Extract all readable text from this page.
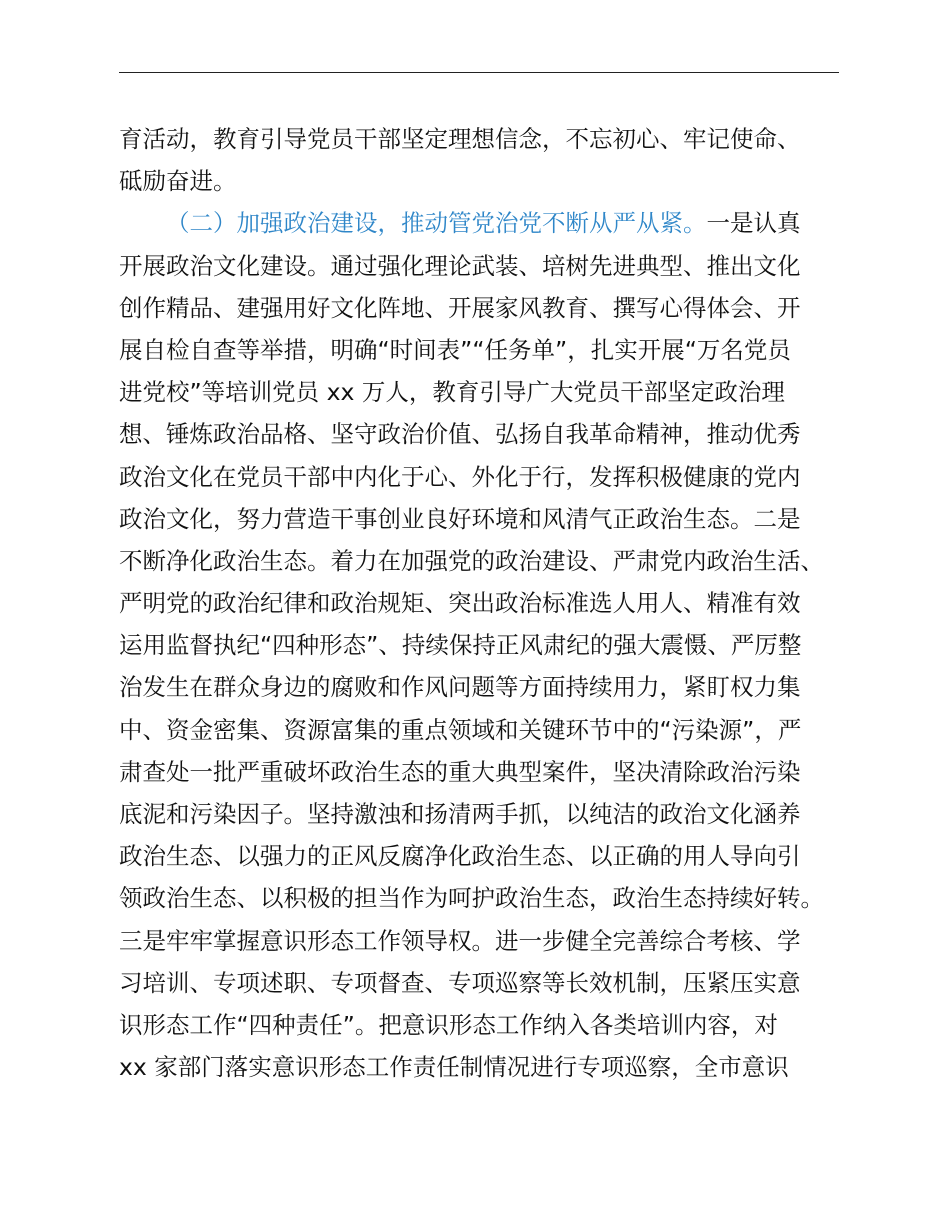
育活动，教育引导党员干部坚定理想信念，不忘初心、牢记使命、
砥励奋进。
（二）加强政治建设，推动管党治党不断从严从紧。一是认真
开展政治文化建设。通过强化理论武装、培树先进典型、推出文化
创作精品、建强用好文化阵地、开展家风教育、撰写心得体会、开
展自检自查等举措，明确“时间表”“任务单”，扎实开展“万名党员
进党校”等培训党员 xx 万人，教育引导广大党员干部坚定政治理
想、锤炼政治品格、坚守政治价值、弘扬自我革命精神，推动优秀
政治文化在党员干部中内化于心、外化于行，发挥积极健康的党内
政治文化，努力营造干事创业良好环境和风清气正政治生态。二是
不断净化政治生态。着力在加强党的政治建设、严肃党内政治生活、
严明党的政治纪律和政治规矩、突出政治标准选人用人、精准有效
运用监督执纪“四种形态”、持续保持正风肃纪的强大震慑、严厉整
治发生在群众身边的腐败和作风问题等方面持续用力，紧盯权力集
中、资金密集、资源富集的重点领域和关键环节中的“污染源”，严
肃查处一批严重破坏政治生态的重大典型案件，坚决清除政治污染
底泥和污染因子。坚持激浊和扬清两手抓，以纯洁的政治文化涵养
政治生态、以强力的正风反腐净化政治生态、以正确的用人导向引
领政治生态、以积极的担当作为呵护政治生态，政治生态持续好转。
三是牢牢掌握意识形态工作领导权。进一步健全完善综合考核、学
习培训、专项述职、专项督查、专项巡察等长效机制，压紧压实意
识形态工作“四种责任”。把意识形态工作纳入各类培训内容，对
xx 家部门落实意识形态工作责任制情况进行专项巡察，全市意识
